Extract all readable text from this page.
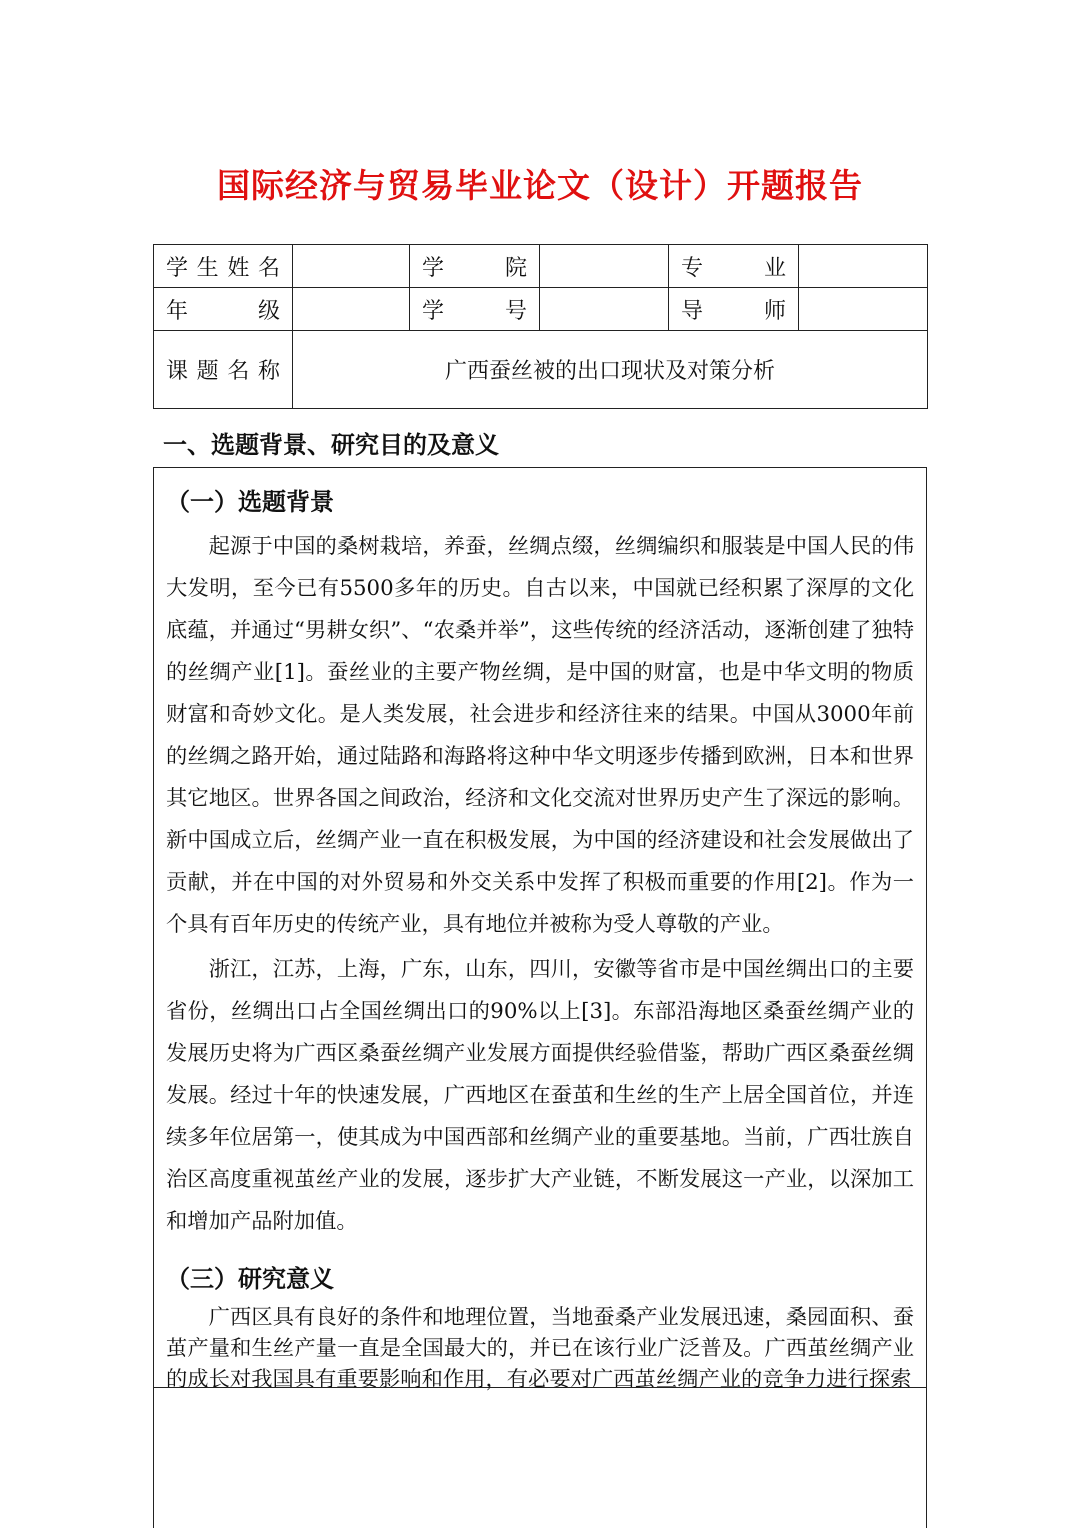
国际经济与贸易毕业论文（设计）开题报告
学 生 姓 名		学 院		专 业	

年 级		学 号		导 师	

课 题 名 称	广西蚕丝被的出口现状及对策分析				
一、选题背景、研究目的及意义
（一）选题背景

起源于中国的桑树栽培，养蚕，丝绸点缀，丝绸编织和服装是中国人民的伟大发明，至今已有5500多年的历史。自古以来，中国就已经积累了深厚的文化底蕴，并通过“男耕女织”、“农桑并举”，这些传统的经济活动，逐渐创建了独特的丝绸产业[1]。蚕丝业的主要产物丝绸，是中国的财富，也是中华文明的物质财富和奇妙文化。是人类发展，社会进步和经济往来的结果。中国从3000年前的丝绸之路开始，通过陆路和海路将这种中华文明逐步传播到欧洲，日本和世界其它地区。世界各国之间政治，经济和文化交流对世界历史产生了深远的影响。新中国成立后，丝绸产业一直在积极发展，为中国的经济建设和社会发展做出了贡献，并在中国的对外贸易和外交关系中发挥了积极而重要的作用[2]。作为一个具有百年历史的传统产业，具有地位并被称为受人尊敬的产业。

浙江，江苏，上海，广东，山东，四川，安徽等省市是中国丝绸出口的主要省份，丝绸出口占全国丝绸出口的90%以上[3]。东部沿海地区桑蚕丝绸产业的发展历史将为广西区桑蚕丝绸产业发展方面提供经验借鉴，帮助广西区桑蚕丝绸发展。经过十年的快速发展，广西地区在蚕茧和生丝的生产上居全国首位，并连续多年位居第一，使其成为中国西部和丝绸产业的重要基地。当前，广西壮族自治区高度重视茧丝产业的发展，逐步扩大产业链，不断发展这一产业，以深加工和增加产品附加值。

（三）研究意义

广西区具有良好的条件和地理位置，当地蚕桑产业发展迅速，桑园面积、蚕茧产量和生丝产量一直是全国最大的，并已在该行业广泛普及。广西茧丝绸产业的成长对我国具有重要影响和作用，有必要对广西茧丝绸产业的竞争力进行探索
